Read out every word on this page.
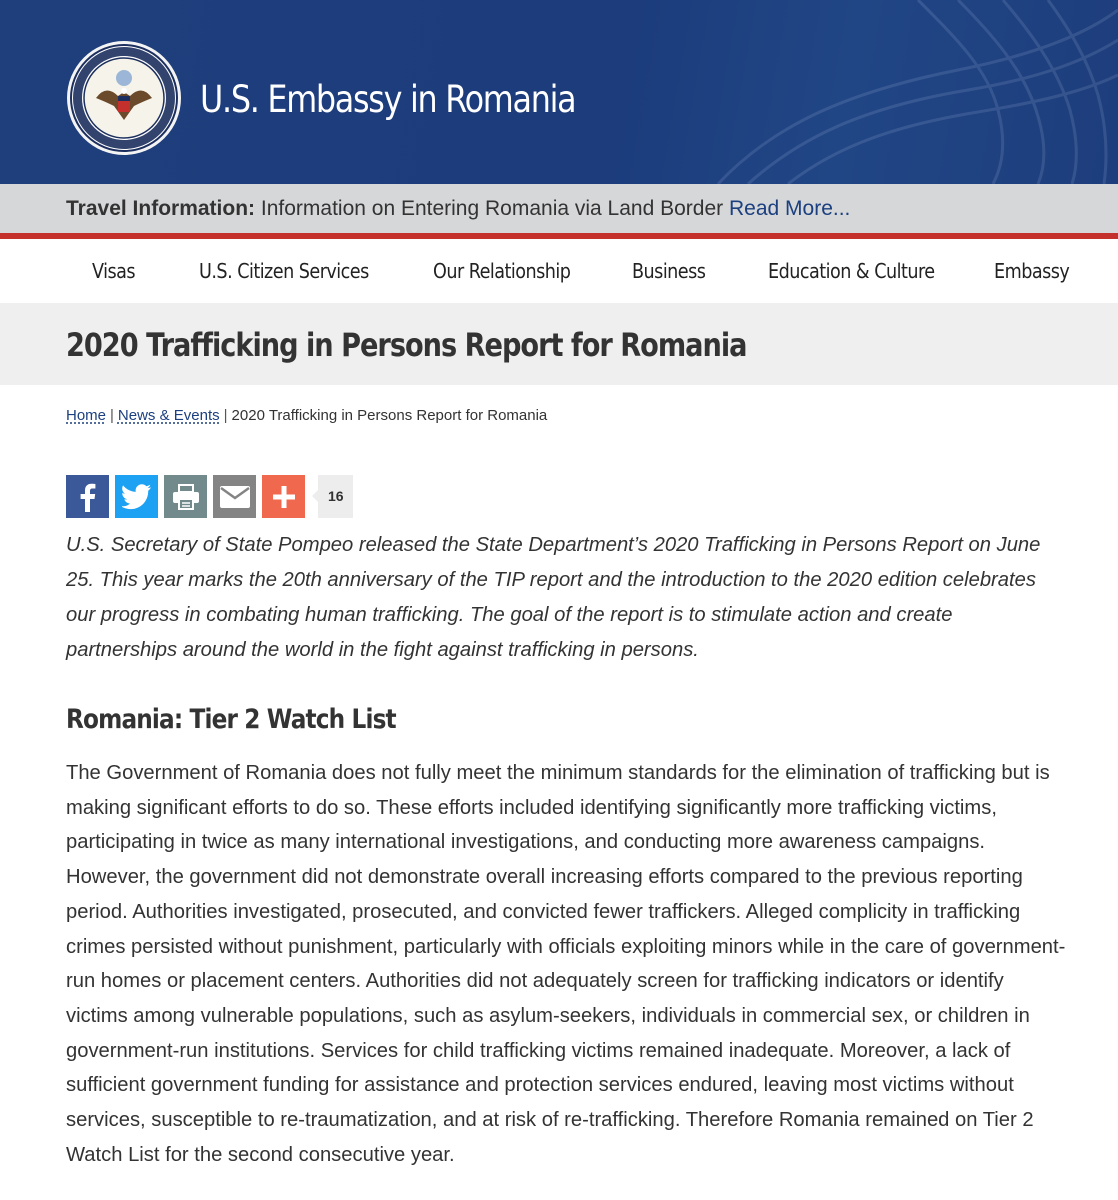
U.S. Embassy in Romania
Travel Information: Information on Entering Romania via Land Border Read More...
Visas	U.S. Citizen Services	Our Relationship	Business	Education & Culture	Embassy
2020 Trafficking in Persons Report for Romania
Home | News & Events | 2020 Trafficking in Persons Report for Romania
16

U.S. Secretary of State Pompeo released the State Department’s 2020 Trafficking in Persons Report on June 25. This year marks the 20th anniversary of the TIP report and the introduction to the 2020 edition celebrates our progress in combating human trafficking. The goal of the report is to stimulate action and create partnerships around the world in the fight against trafficking in persons.

Romania: Tier 2 Watch List

The Government of Romania does not fully meet the minimum standards for the elimination of trafficking but is making significant efforts to do so. These efforts included identifying significantly more trafficking victims, participating in twice as many international investigations, and conducting more awareness campaigns. However, the government did not demonstrate overall increasing efforts compared to the previous reporting period. Authorities investigated, prosecuted, and convicted fewer traffickers. Alleged complicity in trafficking crimes persisted without punishment, particularly with officials exploiting minors while in the care of government-run homes or placement centers. Authorities did not adequately screen for trafficking indicators or identify victims among vulnerable populations, such as asylum-seekers, individuals in commercial sex, or children in government-run institutions. Services for child trafficking victims remained inadequate. Moreover, a lack of sufficient government funding for assistance and protection services endured, leaving most victims without services, susceptible to re-traumatization, and at risk of re-trafficking. Therefore Romania remained on Tier 2 Watch List for the second consecutive year.
